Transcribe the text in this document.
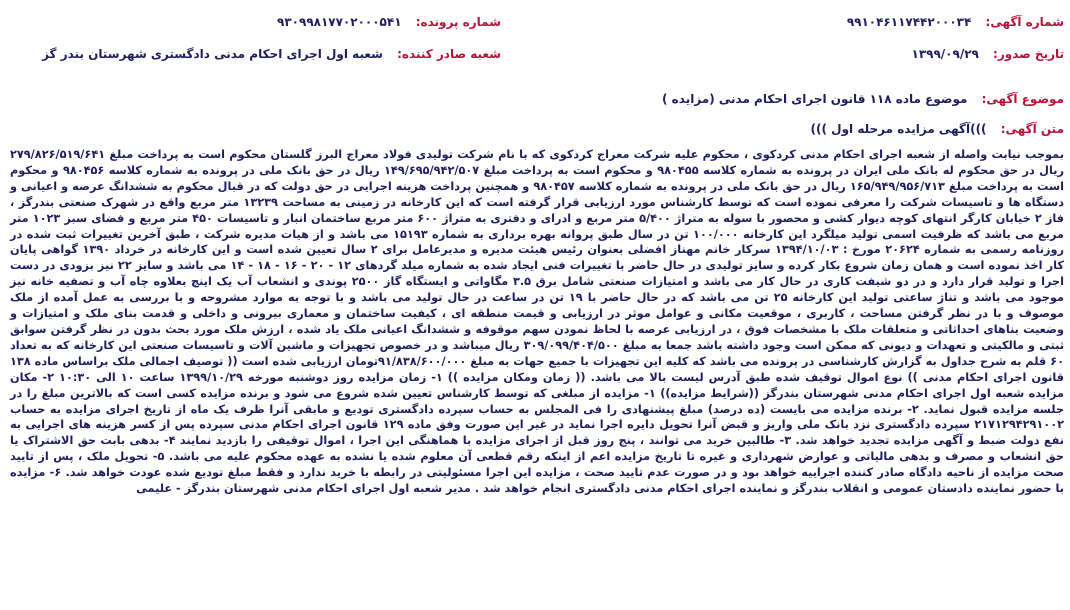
شماره آگهی: ۹۹۱۰۴۶۱۱۷۴۴۲۰۰۰۳۴
شماره پرونده: ۹۳۰۹۹۸۱۷۷۰۲۰۰۰۵۴۱
تاریخ صدور: ۱۳۹۹/۰۹/۲۹
شعبه صادر کننده: شعبه اول اجرای احکام مدنی دادگستری شهرستان بندر گز
موضوع آگهی: موضوع ماده ۱۱۸ قانون اجرای احکام مدنی (مزایده )
متن آگهی: )))آگهی مزایده مرحله اول )))

بموجب نیابت واصله از شعبه اجرای احکام مدنی کردکوی ، محکوم علیه شرکت معراج کردکوی که با نام شرکت تولیدی فولاد معراج البرز گلستان محکوم است به پرداخت مبلغ ۲۷۹/۸۲۶/۵۱۹/۶۴۱ ریال در حق محکوم له بانک ملی ایران در پرونده به شماره کلاسه ۹۸۰۴۵۵ و محکوم است به پرداخت مبلغ ۱۴۹/۶۹۵/۹۴۲/۵۰۷ ریال در حق بانک ملی در پرونده به شماره کلاسه ۹۸۰۴۵۶ و محکوم است به پرداخت مبلغ ۱۶۵/۹۴۹/۹۵۶/۷۱۳ ریال در حق بانک ملی در پرونده به شماره کلاسه ۹۸۰۴۵۷ و همچنین پرداخت هزینه اجرایی در حق دولت که در قبال محکوم به ششدانگ عرصه و اعیانی و دستگاه ها و تاسیسات شرکت را معرفی نموده است که توسط کارشناس مورد ارزیابی قرار گرفته است که این کارخانه در زمینی به مساحت ۱۳۲۳۹ متر مربع واقع در شهرک صنعتی بندرگز ، فاز ۲ خیابان کارگر انتهای کوچه دیوار کشی و محصور با سوله به متراژ ۵/۴۰۰ متر مربع و ادرای و دفتری به متراژ ۶۰۰ متر مربع ساختمان انبار و تاسیسات ۴۵۰ متر مربع و فضای سبز ۱۰۲۳ متر مربع می باشد که ظرفیت اسمی تولید میلگرد این کارخانه ۱۰۰/۰۰۰ تن در سال طبق پروانه بهره برداری به شماره ۱۵۱۹۳ می باشد و از هیات مدیره شرکت ، طبق آخرین تغییرات ثبت شده در روزنامه رسمی به شماره ۲۰۶۲۴ مورخ : ۱۳۹۴/۱۰/۰۳ سرکار خانم مهناز افضلی بعنوان رئیس هیئت مدیره و مدیرعامل برای ۲ سال تعیین شده است و این کارخانه در خرداد ۱۳۹۰ گواهی پایان کار اخذ نموده است و همان زمان شروع بکار کرده و سایز تولیدی در حال حاضر با تغییرات فنی ایجاد شده به شماره میلد گردهای ۱۲ - ۲۰ - ۱۶ - ۱۸ - ۱۴ می باشد و سایز ۲۲ نیز بزودی در دست اجرا و تولید قرار دارد و در دو شیفت کاری در حال کار می باشد و امتیازات صنعتی شامل برق ۳.۵ مگاواتی و ایستگاه گاز ۲۵۰۰ پوندی و انشعاب آب یک اینچ بعلاوه چاه آب و تصفیه خانه نیز موجود می باشد و تناژ ساعتی تولید این کارخانه ۲۵ تن می باشد که در حال حاضر با ۱۹ تن در ساعت در حال تولید می باشد و با توجه به موارد مشروحه و با بررسی به عمل آمده از ملک موصوف و با در نظر گرفتن مساحت ، کاربری ، موقعیت مکانی و عوامل موثر در ارزیابی و قیمت منطقه ای ، کیفیت ساختمان و معماری بیرونی و داخلی و قدمت بنای ملک و امتیازات و وضعیت بناهای احداثاتی و متعلقات ملک با مشخصات فوق ، در ارزیابی عرصه با لحاظ نمودن سهم موقوفه و ششدانگ اعیانی ملک یاد شده ، ارزش ملک مورد بحث بدون در نظر گرفتن سوابق ثبتی و مالکیتی و تعهدات و دیونی که ممکن است وجود داشته باشد جمعا به مبلغ ۳۰۹/۰۹۹/۴۰۴/۵۰۰ ریال میباشد و در خصوص تجهیزات و ماشین آلات و تاسیسات صنعتی این کارخانه که به تعداد ۶۰ قلم به شرح جداول به گزارش کارشناسی در پرونده می باشد که کلیه این تجهیزات با جمیع جهات به مبلغ ۹۱/۸۳۸/۶۰۰/۰۰۰تومان ارزیابی شده است (( توصیف اجمالی ملک براساس ماده ۱۳۸ قانون اجرای احکام مدنی )) نوع اموال توقیف شده طبق آدرس لیست بالا می باشد. (( زمان ومکان مزایده )) ۱- زمان مزایده روز دوشنبه مورخه ۱۳۹۹/۱۰/۲۹ ساعت ۱۰ الی ۱۰:۳۰ ۲- مکان مزایده شعبه اول اجرای احکام مدنی شهرستان بندرگز ((شرایط مزایده)) ۱- مزایده از مبلغی که توسط کارشناس تعیین شده شروع می شود و برنده مزایده کسی است که بالاترین مبلغ را در جلسه مزایده قبول نماید. ۲- برنده مزایده می بایست (ده درصد) مبلغ پیشنهادی را فی المجلس به حساب سپرده دادگستری تودیع و مابقی آنرا ظرف یک ماه از تاریخ اجرای مزایده به حساب ۲۱۷۱۲۹۴۲۹۱۰۰۲ سپرده دادگستری نزد بانک ملی واریز و قبض آنرا تحویل دایره اجرا نماید در غیر این صورت وفق ماده ۱۲۹ قانون اجرای احکام مدنی سپرده پس از کسر هزینه های اجرایی به نفع دولت ضبط و آگهی مزایده تجدید خواهد شد. ۳- طالبین خرید می توانند ، پنج روز قبل از اجرای مزایده با هماهنگی این اجرا ، اموال توقیفی را بازدید نمایند ۴- بدهی بابت حق الاشتراک یا حق انشعاب و مصرف و بدهی مالیاتی و عوارض شهرداری و غیره تا تاریخ مزایده اعم از اینکه رقم قطعی آن معلوم شده یا نشده به عهده محکوم علیه می باشد. ۵- تحویل ملک ، پس از تایید صحت مزایده از ناحیه دادگاه صادر کننده اجراییه خواهد بود و در صورت عدم تایید صحت ، مزایده این اجرا مسئولیتی در رابطه با خرید ندارد و فقط مبلغ تودیع شده عودت خواهد شد. ۶- مزایده با حضور نماینده دادستان عمومی و انقلاب بندرگز و نماینده اجرای احکام مدنی دادگستری انجام خواهد شد . مدیر شعبه اول اجرای احکام مدنی شهرستان بندرگز - علیمی
